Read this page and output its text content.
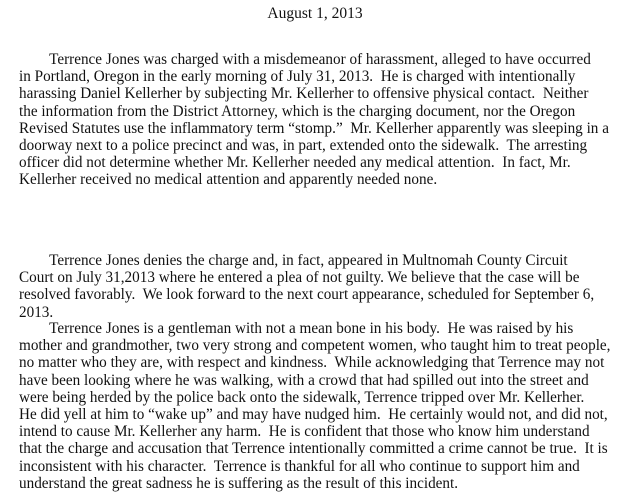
August 1, 2013
Terrence Jones was charged with a misdemeanor of harassment, alleged to have occurred
in Portland, Oregon in the early morning of July 31, 2013.  He is charged with intentionally
harassing Daniel Kellerher by subjecting Mr. Kellerher to offensive physical contact.  Neither
the information from the District Attorney, which is the charging document, nor the Oregon
Revised Statutes use the inflammatory term “stomp.”  Mr. Kellerher apparently was sleeping in a
doorway next to a police precinct and was, in part, extended onto the sidewalk.  The arresting
officer did not determine whether Mr. Kellerher needed any medical attention.  In fact, Mr.
Kellerher received no medical attention and apparently needed none.
Terrence Jones denies the charge and, in fact, appeared in Multnomah County Circuit
Court on July 31,2013 where he entered a plea of not guilty. We believe that the case will be
resolved favorably.  We look forward to the next court appearance, scheduled for September 6,
2013.
Terrence Jones is a gentleman with not a mean bone in his body.  He was raised by his
mother and grandmother, two very strong and competent women, who taught him to treat people,
no matter who they are, with respect and kindness.  While acknowledging that Terrence may not
have been looking where he was walking, with a crowd that had spilled out into the street and
were being herded by the police back onto the sidewalk, Terrence tripped over Mr. Kellerher.
He did yell at him to “wake up” and may have nudged him.  He certainly would not, and did not,
intend to cause Mr. Kellerher any harm.  He is confident that those who know him understand
that the charge and accusation that Terrence intentionally committed a crime cannot be true.  It is
inconsistent with his character.  Terrence is thankful for all who continue to support him and
understand the great sadness he is suffering as the result of this incident.
